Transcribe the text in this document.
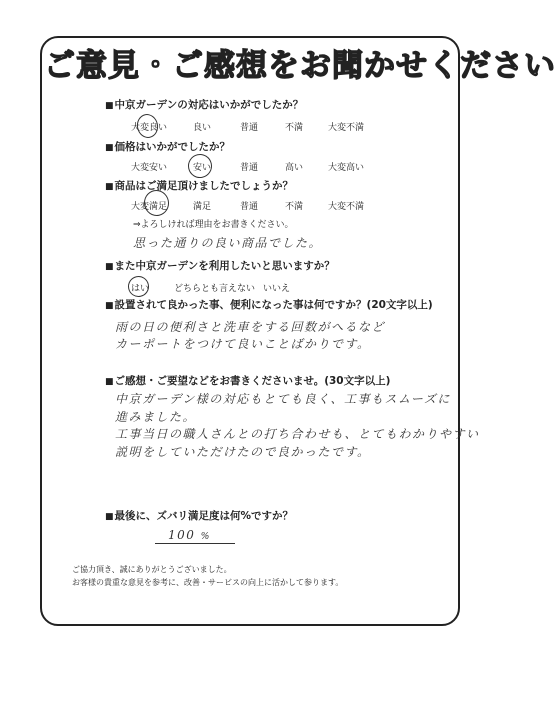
ご意見・ご感想をお聞かせください
■中京ガーデンの対応はいかがでしたか？
大変良い	良い	普通	不満	大変不満
■価格はいかがでしたか？
大変安い	安い	普通	高い	大変高い
■商品はご満足頂けましたでしょうか？
大変満足	満足	普通	不満	大変不満
⇒よろしければ理由をお書きください。
思った通りの良い商品でした。
■また中京ガーデンを利用したいと思いますか？
はい	どちらとも言えない いいえ
■設置されて良かった事、便利になった事は何ですか？(20文字以上)
雨の日の便利さと洗車をする回数がへるなど
カーポートをつけて良いことばかりです。
■ご感想・ご要望などをお書きくださいませ。(30文字以上)
中京ガーデン様の対応もとても良く、工事もスムーズに
進みました。
工事当日の職人さんとの打ち合わせも、とてもわかりやすい
説明をしていただけたので良かったです。
■最後に、ズバリ満足度は何%ですか？
100 %
ご協力頂き、誠にありがとうございました。
お客様の貴重な意見を参考に、改善・サービスの向上に活かして参ります。
